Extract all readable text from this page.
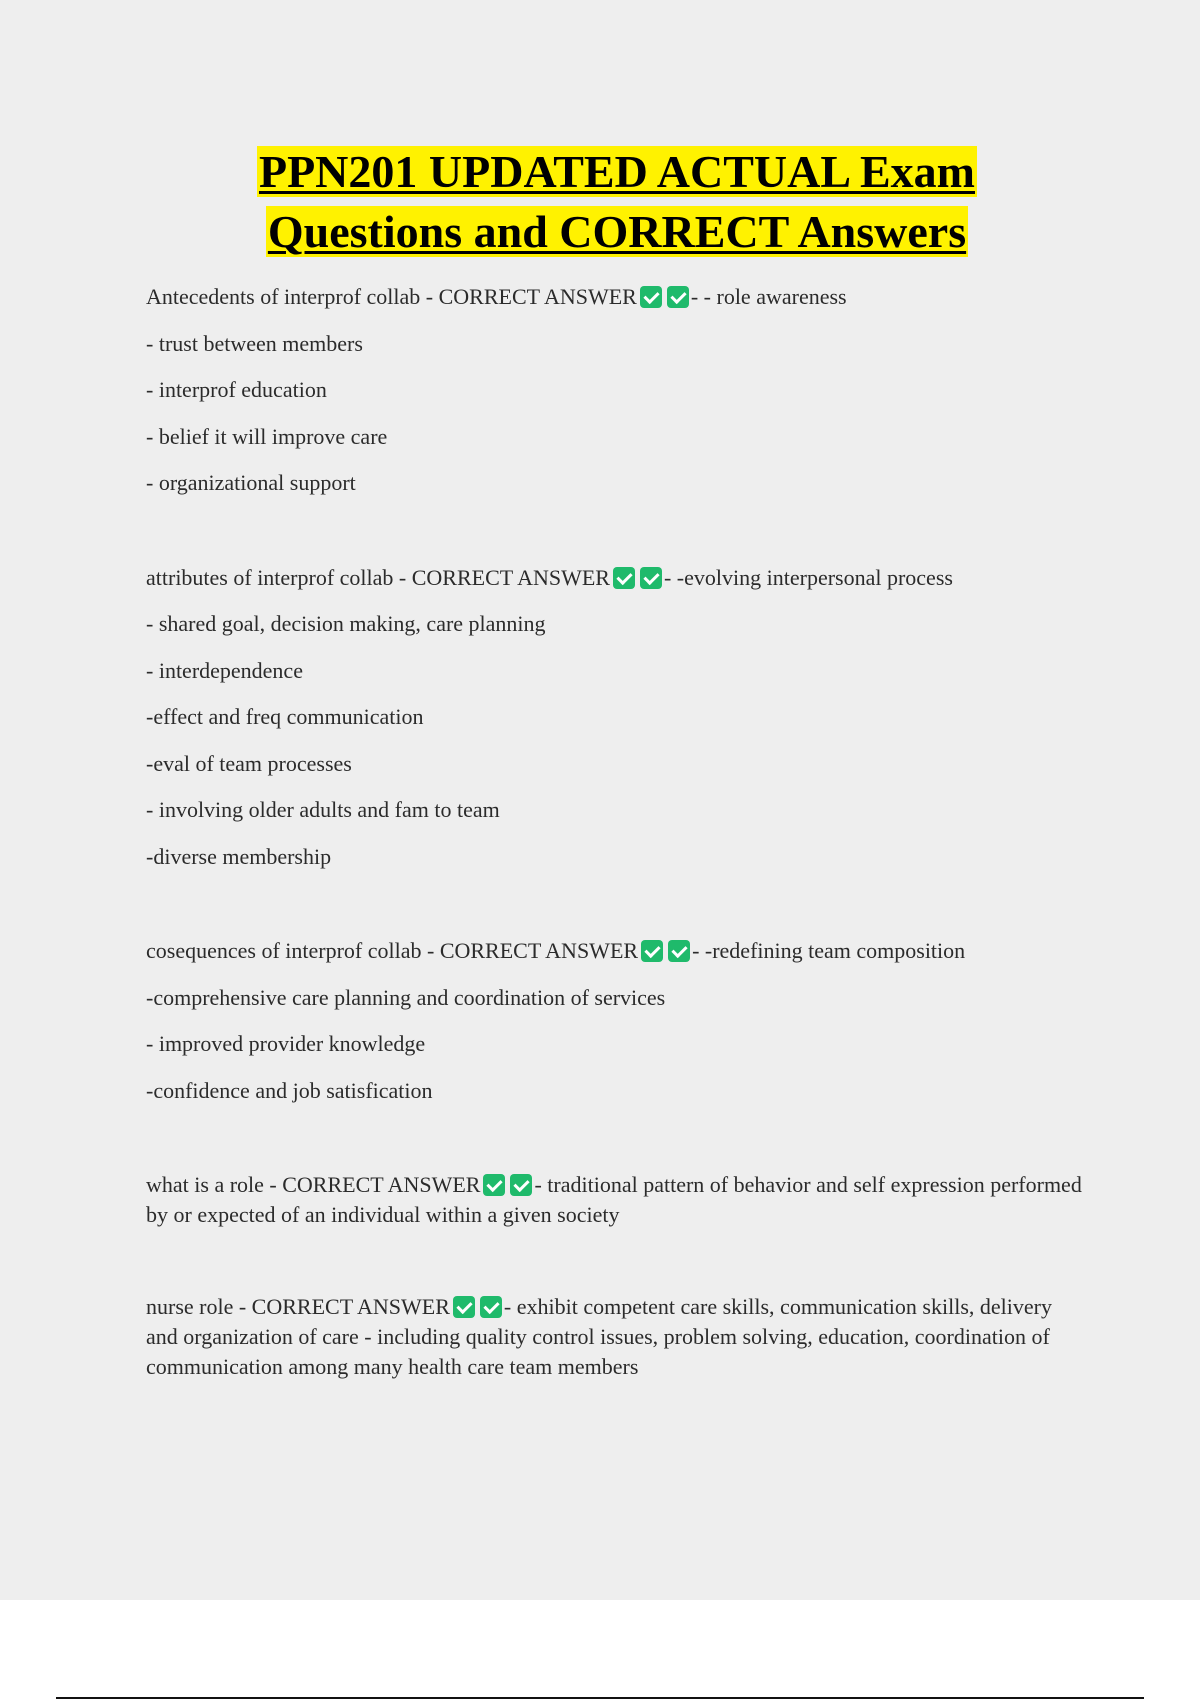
PPN201 UPDATED ACTUAL Exam
Questions and CORRECT Answers
Antecedents of interprof collab - CORRECT ANSWER - - role awareness
- trust between members
- interprof education
- belief it will improve care
- organizational support
attributes of interprof collab - CORRECT ANSWER - -evolving interpersonal process
- shared goal, decision making, care planning
- interdependence
-effect and freq communication
-eval of team processes
- involving older adults and fam to team
-diverse membership
cosequences of interprof collab - CORRECT ANSWER - -redefining team composition
-comprehensive care planning and coordination of services
- improved provider knowledge
-confidence and job satisfication
what is a role - CORRECT ANSWER - traditional pattern of behavior and self expression performed by or expected of an individual within a given society
nurse role - CORRECT ANSWER - exhibit competent care skills, communication skills, delivery and organization of care - including quality control issues, problem solving, education, coordination of communication among many health care team members
